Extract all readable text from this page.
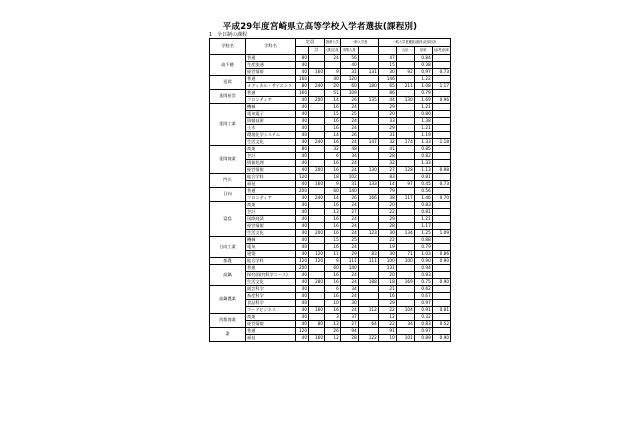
平成29年度宮崎県立高等学校入学者選抜(課程別)
1　全日制の課程
学校名	学科名	定員		推薦入学	一般入学者		一般入学者選抜(最終)応募状況			
			計	(推)定員	募集人員			合計	倍率	(参考)倍率
高千穂	普通	80		24	56		47		0.84	
	生産流通	40			40		15		0.38	
	経営情報	40	160	9	31	131	30	92	0.97	0.73
延岡	普通	160		40	120		146		1.22	
	メディカル・サイエンス	80	240	20	60	180	65	211	1.08	1.17
延岡星雲	普通	160		51	109		86		0.79	
	フロンティア	40	200	14	26	135	44	130	1.69	0.96
延岡工業	機械	40		16	24		29		1.21	
	電気電子	40		15	25		20		0.80	
	情報技術	40		16	24		33		1.38	
	土木	40		16	24		29		1.21	
	環境化学システム	40		14	26		31		1.19	
	生活文化	40	240	16	24	147	32	174	1.33	1.18
延岡商業	商業	80		32	48		41		0.85	
	会計	40		6	34		28		0.82	
	情報処理	40		16	24		32		1.33	
	経営情報	40	200	16	24	130	27	128	1.13	0.98
門川	総合学科	120		18	102		83		0.81	
	福祉	40	160	9	31	133	14	97	0.45	0.73
日向	普通	200		60	140		79		0.56	
	フロンティア	40	240	14	26	166	38	117	1.46	0.70
富島	商業	40		16	24		20		0.83	
	会計	40		13	27		22		0.81	
	国際経済	40		16	24		29		1.21	
	経営情報	40		16	24		28		1.17	
	生活文化	40	200	16	24	123	30	134	1.25	1.09
日向工業	機械	40		15	25		22		0.88	
	電気	40		16	24		19		0.79	
	建築	40	120	11	29	83	30	71	1.03	0.86
都農	総合学科	120	120	9	111	111	100	100	0.90	0.90
高鍋	普通	200		60	140		131		0.94	
	探究(探究科学コース)	40		16	24		20		0.83	
	生活文化	40	280	16	24	188	18	169	0.75	0.90
高鍋農業	園芸科学	40		6	34		21		0.62	
	畜産科学	40		16	24		16		0.67	
	食品科学	40		10	30		29		0.97	
	フードビジネス	40	160	16	24	112	22	104	0.91	0.81
西都商業	商業	40		3	37		12		0.32	
	経営情報	40	80	13	27	64	22	34	0.83	0.52
妻	普通	120		26	94		91		0.97	
	福祉	40	160	12	28	122	10	101	0.89	0.90
